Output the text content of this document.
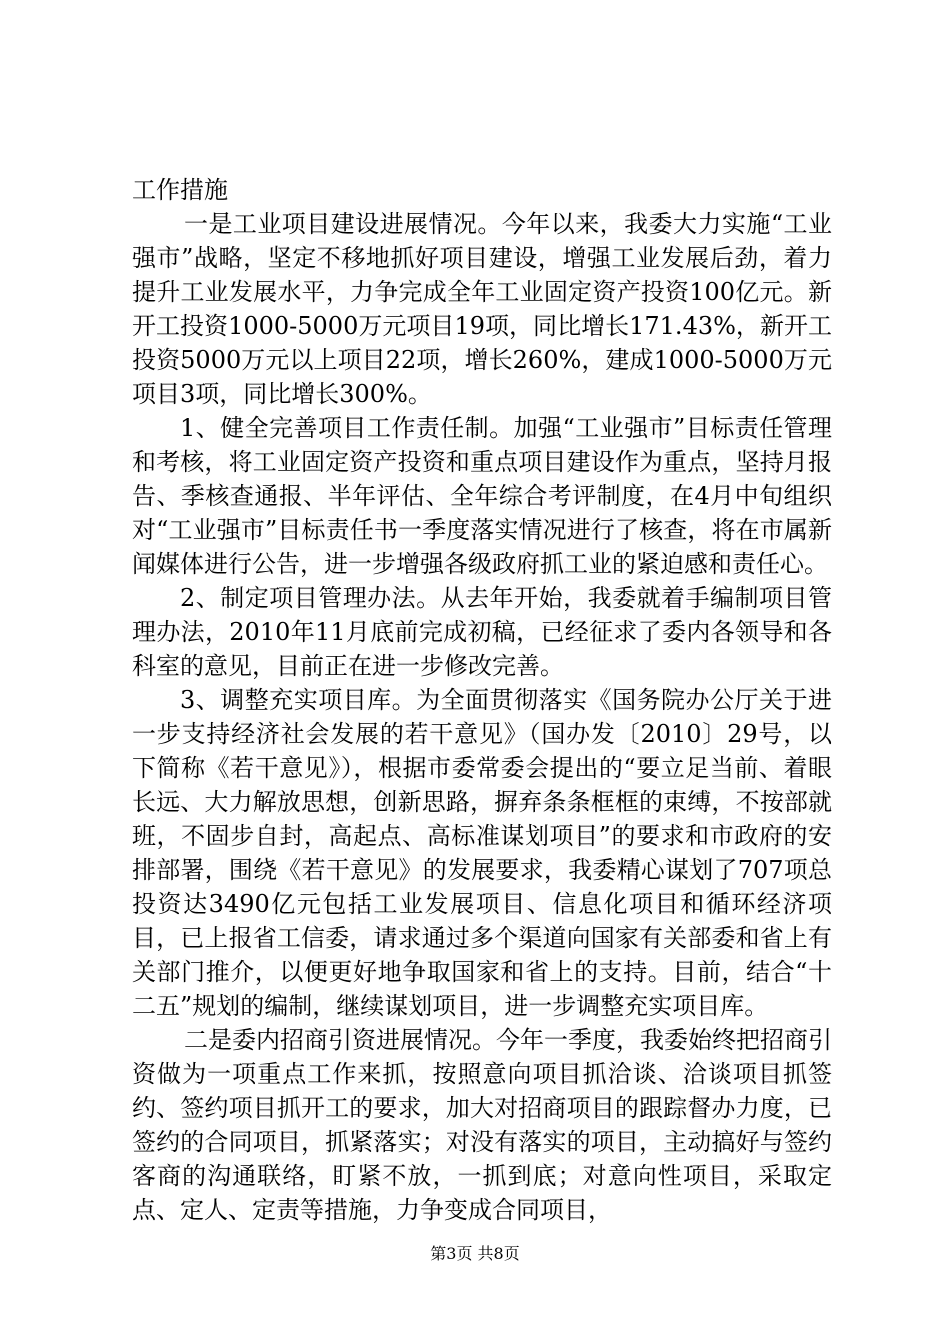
工作措施

一是工业项目建设进展情况。今年以来，我委大力实施“工业强市”战略，坚定不移地抓好项目建设，增强工业发展后劲，着力提升工业发展水平，力争完成全年工业固定资产投资100亿元。新开工投资1000-5000万元项目19项，同比增长171.43%，新开工投资5000万元以上项目22项，增长260%，建成1000-5000万元项目3项，同比增长300%。

1、健全完善项目工作责任制。加强“工业强市”目标责任管理和考核，将工业固定资产投资和重点项目建设作为重点，坚持月报告、季核查通报、半年评估、全年综合考评制度，在4月中旬组织对“工业强市”目标责任书一季度落实情况进行了核查，将在市属新闻媒体进行公告，进一步增强各级政府抓工业的紧迫感和责任心。

2、制定项目管理办法。从去年开始，我委就着手编制项目管理办法，2010年11月底前完成初稿，已经征求了委内各领导和各科室的意见，目前正在进一步修改完善。

3、调整充实项目库。为全面贯彻落实《国务院办公厅关于进一步支持经济社会发展的若干意见》（国办发〔2010〕29号，以下简称《若干意见》），根据市委常委会提出的“要立足当前、着眼长远、大力解放思想，创新思路，摒弃条条框框的束缚，不按部就班，不固步自封，高起点、高标准谋划项目”的要求和市政府的安排部署，围绕《若干意见》的发展要求，我委精心谋划了707项总投资达3490亿元包括工业发展项目、信息化项目和循环经济项目，已上报省工信委，请求通过多个渠道向国家有关部委和省上有关部门推介，以便更好地争取国家和省上的支持。目前，结合“十二五”规划的编制，继续谋划项目，进一步调整充实项目库。

二是委内招商引资进展情况。今年一季度，我委始终把招商引资做为一项重点工作来抓，按照意向项目抓洽谈、洽谈项目抓签约、签约项目抓开工的要求，加大对招商项目的跟踪督办力度，已签约的合同项目，抓紧落实；对没有落实的项目，主动搞好与签约客商的沟通联络，盯紧不放，一抓到底；对意向性项目，采取定点、定人、定责等措施，力争变成合同项目，

第3页 共8页
